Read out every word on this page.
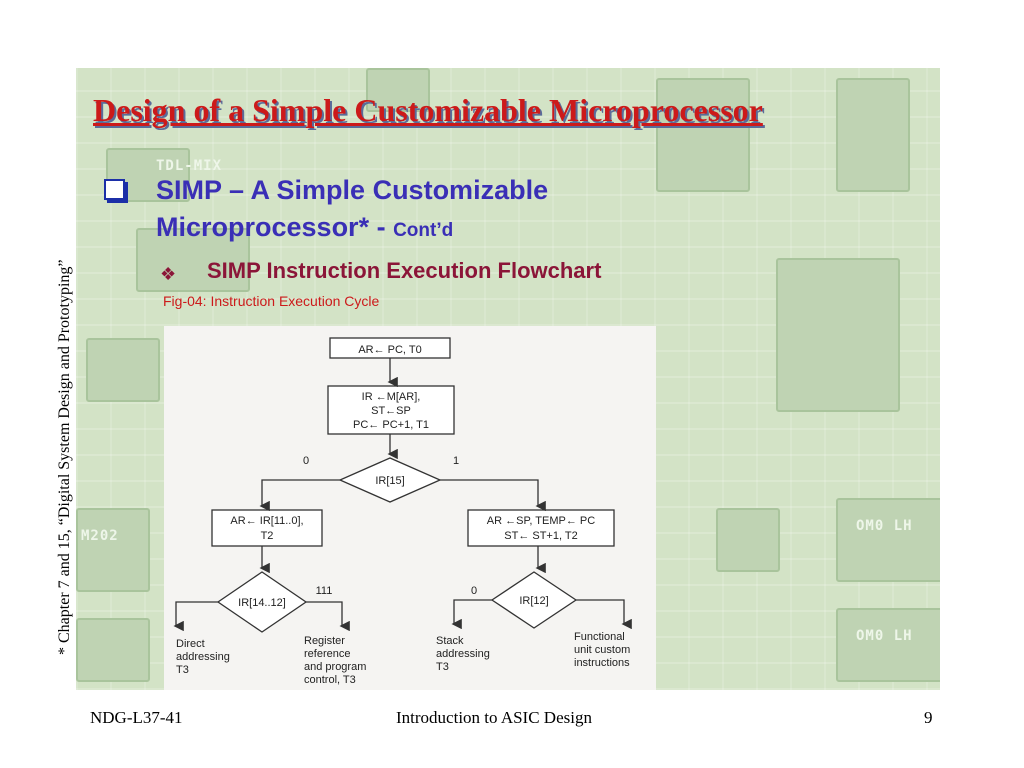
TDL-MIX
M202
OM0 LH
OM0 LH
Design of a Simple Customizable Microprocessor
* Chapter 7 and 15, “Digital System Design and Prototyping”
SIMP – A Simple Customizable
Microprocessor* - Cont’d
❖ SIMP Instruction Execution Flowchart
Fig-04: Instruction Execution Cycle
AR← PC, T0
IR ←M[AR],
ST←SP
PC← PC+1, T1
IR[15]
0	1
AR← IR[11..0],
T2
AR ←SP, TEMP← PC
ST← ST+1, T2
IR[14..12]	IR[12]
111	0
Direct
addressing
T3
Register
reference
and program
control, T3
Stack
addressing
T3
Functional
unit custom
instructions
NDG-L37-41	Introduction to ASIC Design	9
